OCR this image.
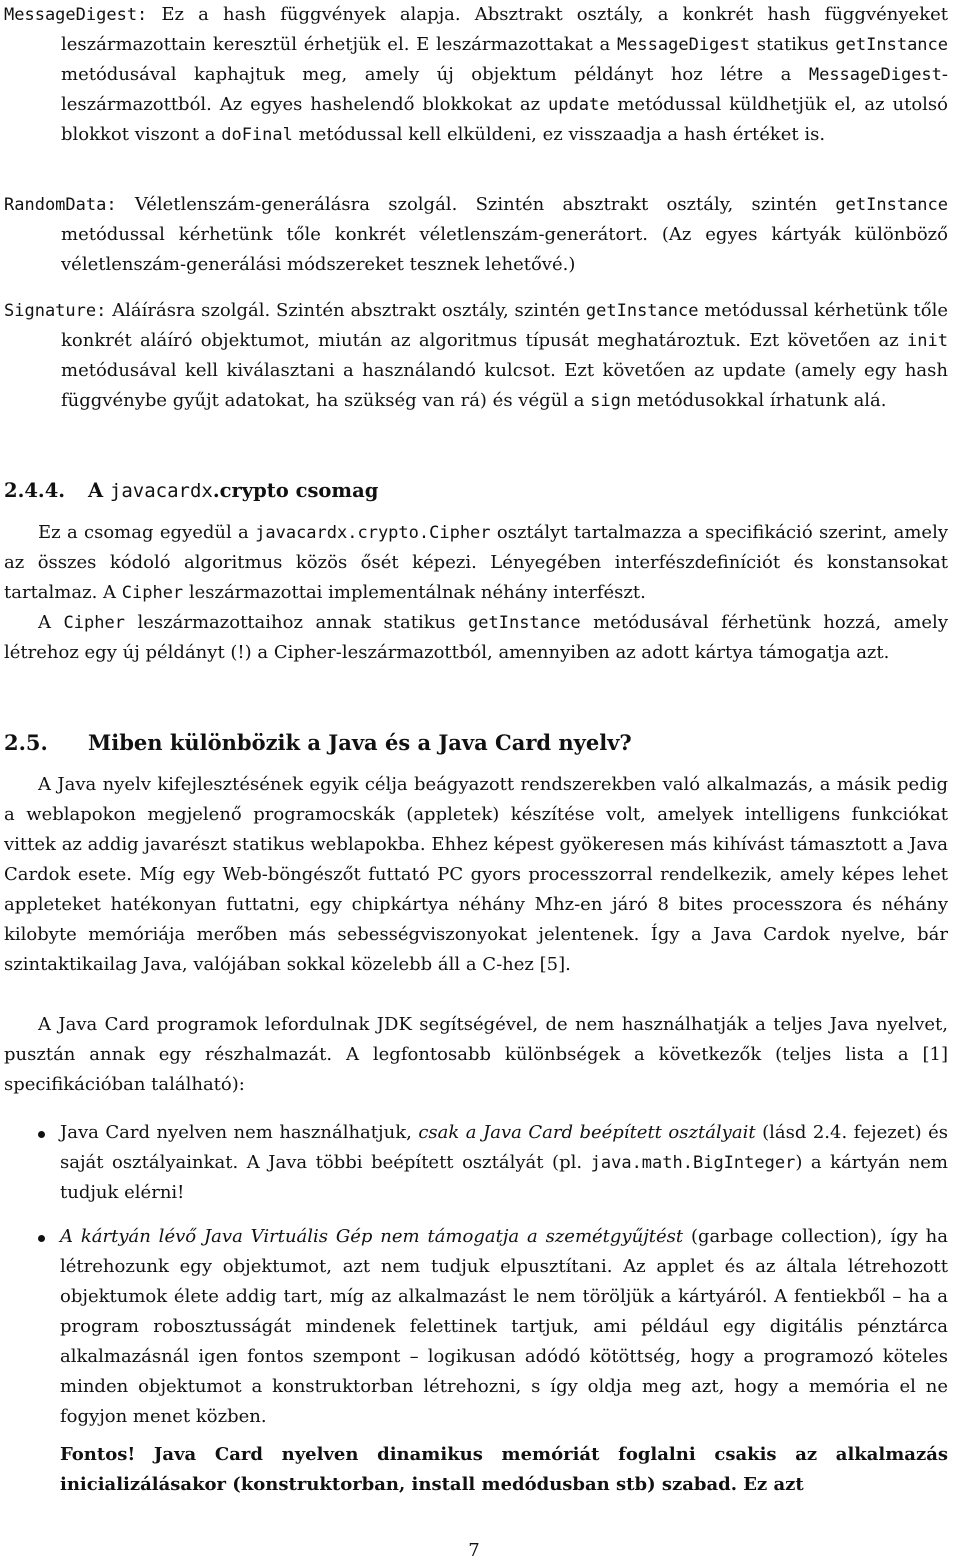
MessageDigest: Ez a hash függvények alapja. Absztrakt osztály, a konkrét hash függvényeket leszármazottain keresztül érhetjük el. E leszármazottakat a MessageDigest statikus getInstance metódusával kaphajtuk meg, amely új objektum példányt hoz létre a MessageDigest-leszármazottból. Az egyes hashelendő blokkokat az update metódussal küldhetjük el, az utolsó blokkot viszont a doFinal metódussal kell elküldeni, ez visszaadja a hash értéket is.
RandomData: Véletlenszám-generálásra szolgál. Szintén absztrakt osztály, szintén getInstance metódussal kérhetünk tőle konkrét véletlenszám-generátort. (Az egyes kártyák különböző véletlenszám-generálási módszereket tesznek lehetővé.)
Signature: Aláírásra szolgál. Szintén absztrakt osztály, szintén getInstance metódussal kérhetünk tőle konkrét aláíró objektumot, miután az algoritmus típusát meghatároztuk. Ezt követően az init metódusával kell kiválasztani a használandó kulcsot. Ezt követően az update (amely egy hash függvénybe gyűjt adatokat, ha szükség van rá) és végül a sign metódusokkal írhatunk alá.
2.4.4. A javacardx.crypto csomag
Ez a csomag egyedül a javacardx.crypto.Cipher osztályt tartalmazza a specifikáció szerint, amely az összes kódoló algoritmus közös ősét képezi. Lényegében interfészdefiníciót és konstansokat tartalmaz. A Cipher leszármazottai implementálnak néhány interfészt.
A Cipher leszármazottaihoz annak statikus getInstance metódusával férhetünk hozzá, amely létrehoz egy új példányt (!) a Cipher-leszármazottból, amennyiben az adott kártya támogatja azt.
2.5. Miben különbözik a Java és a Java Card nyelv?
A Java nyelv kifejlesztésének egyik célja beágyazott rendszerekben való alkalmazás, a másik pedig a weblapokon megjelenő programocskák (appletek) készítése volt, amelyek intelligens funkciókat vittek az addig javarészt statikus weblapokba. Ehhez képest gyökeresen más kihívást támasztott a Java Cardok esete. Míg egy Web-böngészőt futtató PC gyors processzorral rendelkezik, amely képes lehet appleteket hatékonyan futtatni, egy chipkártya néhány Mhz-en járó 8 bites processzora és néhány kilobyte memóriája merőben más sebességviszonyokat jelentenek. Így a Java Cardok nyelve, bár szintaktikailag Java, valójában sokkal közelebb áll a C-hez [5].
A Java Card programok lefordulnak JDK segítségével, de nem használhatják a teljes Java nyelvet, pusztán annak egy részhalmazát. A legfontosabb különbségek a következők (teljes lista a [1] specifikációban található):
Java Card nyelven nem használhatjuk, csak a Java Card beépített osztályait (lásd 2.4. fejezet) és saját osztályainkat. A Java többi beépített osztályát (pl. java.math.BigInteger) a kártyán nem tudjuk elérni!
A kártyán lévő Java Virtuális Gép nem támogatja a szemétgyűjtést (garbage collection), így ha létrehozunk egy objektumot, azt nem tudjuk elpusztítani. Az applet és az általa létrehozott objektumok élete addig tart, míg az alkalmazást le nem töröljük a kártyáról. A fentiekből – ha a program robosztusságát mindenek felettinek tartjuk, ami például egy digitális pénztárca alkalmazásnál igen fontos szempont – logikusan adódó kötöttség, hogy a programozó köteles minden objektumot a konstruktorban létrehozni, s így oldja meg azt, hogy a memória el ne fogyjon menet közben.
Fontos! Java Card nyelven dinamikus memóriát foglalni csakis az alkalmazás inicializálásakor (konstruktorban, install medódusban stb) szabad. Ez azt
7
